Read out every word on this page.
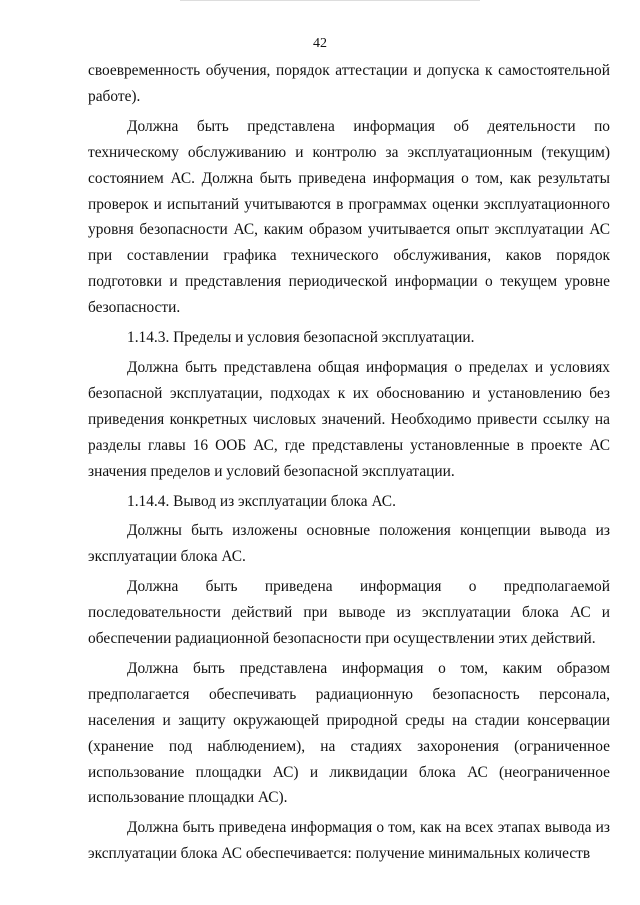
42

своевременность обучения, порядок аттестации и допуска к самостоятельной работе).

Должна быть представлена информация об деятельности по техническому обслуживанию и контролю за эксплуатационным (текущим) состоянием АС. Должна быть приведена информация о том, как результаты проверок и испытаний учитываются в программах оценки эксплуатационного уровня безопасности АС, каким образом учитывается опыт эксплуатации АС при составлении графика технического обслуживания, каков порядок подготовки и представления периодической информации о текущем уровне безопасности.

1.14.3. Пределы и условия безопасной эксплуатации.

Должна быть представлена общая информация о пределах и условиях безопасной эксплуатации, подходах к их обоснованию и установлению без приведения конкретных числовых значений. Необходимо привести ссылку на разделы главы 16 ООБ АС, где представлены установленные в проекте АС значения пределов и условий безопасной эксплуатации.

1.14.4. Вывод из эксплуатации блока АС.

Должны быть изложены основные положения концепции вывода из эксплуатации блока АС.

Должна быть приведена информация о предполагаемой последовательности действий при выводе из эксплуатации блока АС и обеспечении радиационной безопасности при осуществлении этих действий.

Должна быть представлена информация о том, каким образом предполагается обеспечивать радиационную безопасность персонала, населения и защиту окружающей природной среды на стадии консервации (хранение под наблюдением), на стадиях захоронения (ограниченное использование площадки АС) и ликвидации блока АС (неограниченное использование площадки АС).

Должна быть приведена информация о том, как на всех этапах вывода из эксплуатации блока АС обеспечивается: получение минимальных количеств
